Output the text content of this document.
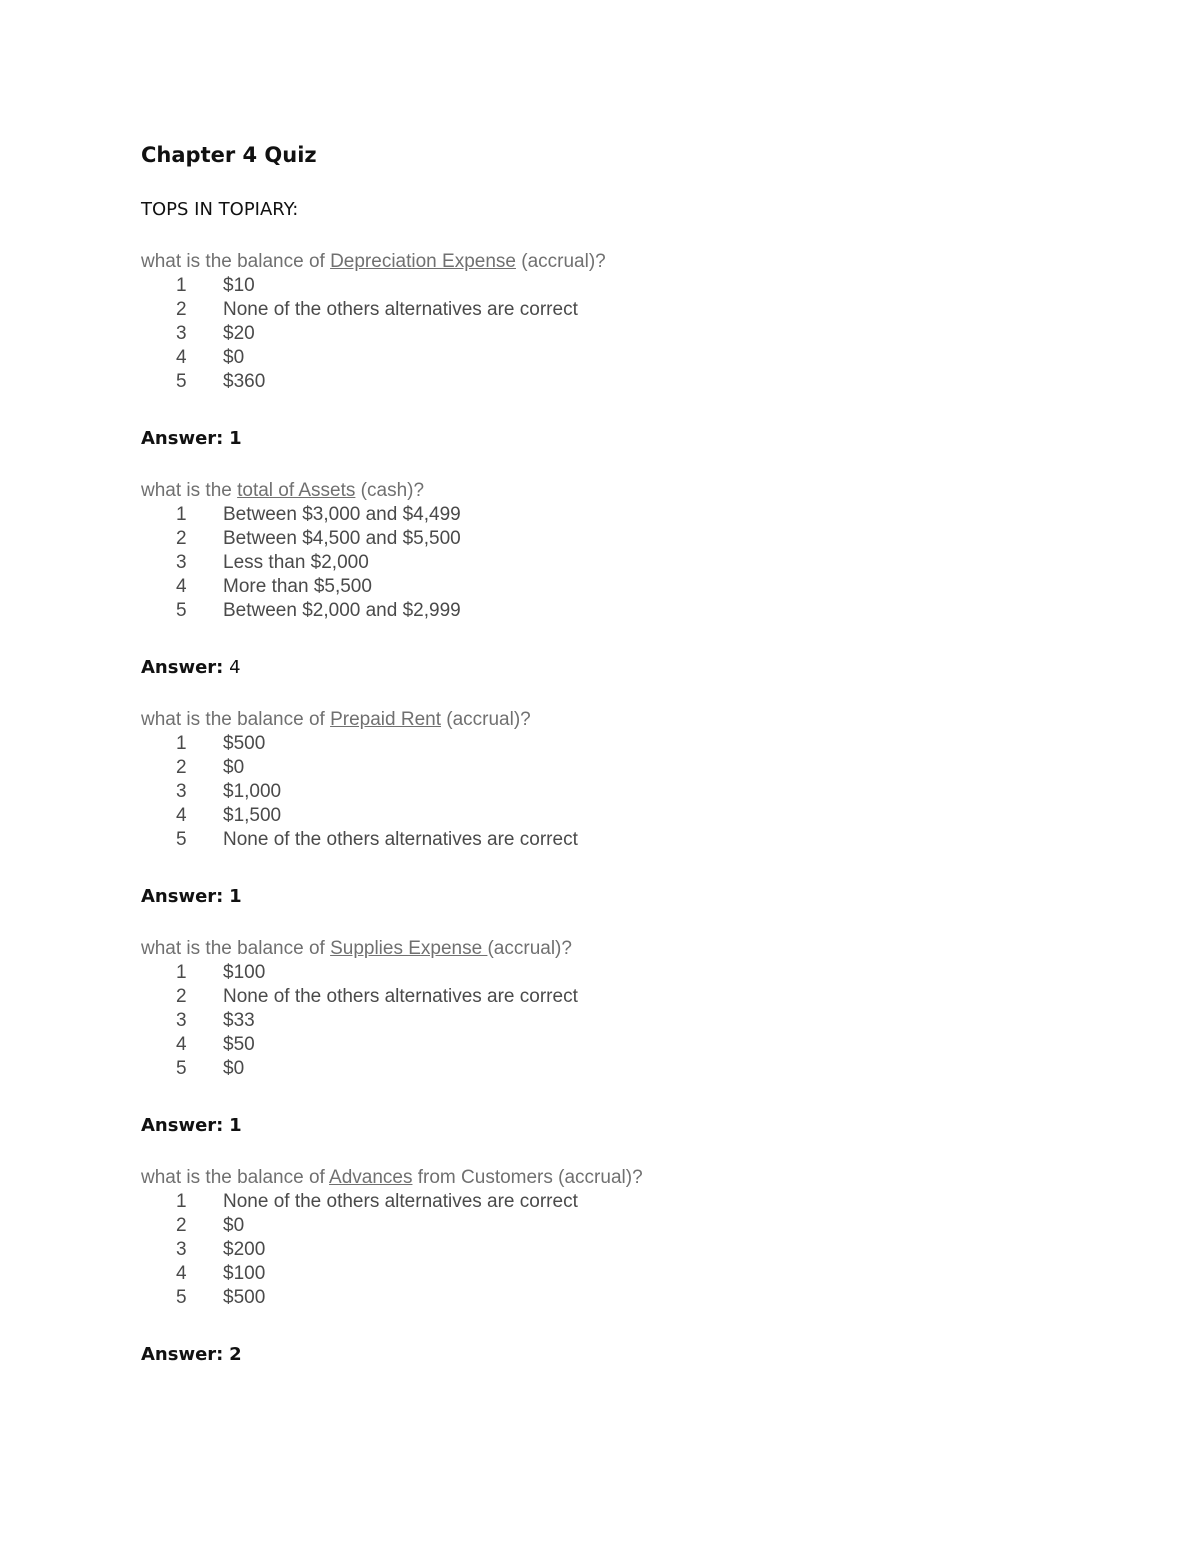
Chapter 4 Quiz
TOPS IN TOPIARY:
what is the balance of Depreciation Expense (accrual)?
1 $10
2 None of the others alternatives are correct
3 $20
4 $0
5 $360
Answer: 1
what is the total of Assets (cash)?
1 Between $3,000 and $4,499
2 Between $4,500 and $5,500
3 Less than $2,000
4 More than $5,500
5 Between $2,000 and $2,999
Answer: 4
what is the balance of Prepaid Rent (accrual)?
1 $500
2 $0
3 $1,000
4 $1,500
5 None of the others alternatives are correct
Answer: 1
what is the balance of Supplies Expense (accrual)?
1 $100
2 None of the others alternatives are correct
3 $33
4 $50
5 $0
Answer: 1
what is the balance of Advances from Customers (accrual)?
1 None of the others alternatives are correct
2 $0
3 $200
4 $100
5 $500
Answer: 2
